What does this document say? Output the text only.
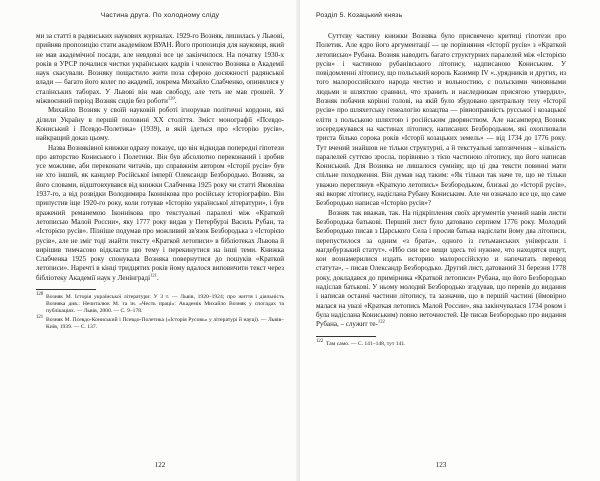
Частина друга. По холодному сліду

ми за статті в радянських наукових журналах. 1929-го Возняк, лишилась у Львові, прийняв пропозицію стати академіком ВУАН. Його пропозиція для науковця, який не мав академічної посади, але невдовзі все це закінчилося. На початку 1930-х років в УРСР почалися чистки українських кадрів і членство Возняка в Академії наук скасували. Возняку пощастило жити поза сферою досяжності радянської влади — багато його колег по академії, зокрема Михайло Слабченко, опинилися у сталінських таборах. У Львові він мав свободу, але теть не мав грошей. У міжвоєнний період Возняк сидів без роботи$^{120}$.

Михайло Возняк у своїй науковій роботі ігнорував політичні кордони, які ділили Україну в першій половині XX століття. Зміст монографії «Псевдо-Кониський і Псевдо-Полетика» (1939), в якій ідеться про «Історію русів», найкращий доказ цьому.

Назва Возняківної книжки одразу показує, що він відкидав попередні гіпотези про авторство Кониського і Полетики. Він був абсолютно переконаний і зробив усе можливе, аби переконати читачів, що справжнім автором «Історії русів» був не хто інший, як канцлер Російської імперії Олександр Безбородько. Возняк, за його словами, відштовхувався від книжки Слабченка 1925 року чи статті Яковліва 1937-го, а від розвідки Володимира Іконнікова про російську історіографію. Він припустив іще 1920-го року, коли готував «Історію української літератури», і був вражений реманемою Іконнікова про текстуальні паралелі між «Краткой летописью Малой России», яку 1777 року видав у Петербурзі Василь Рубан, та «Історією русів». Пізніше подумав про можливий зв'язок Безбородька з «Історією русів», але не зміг тоді знайти тексту «Краткой летописи» в бібліотеках Львова й вирішив тимчасово відкласти цю тему і перекинутися на інші теми. Книжка Слабченка 1925 року спонукала Возняка повернутися до пошуків «Краткой летописи». Наречті в кінці тридцятих років йому вдалося виповичити текст через бібліотеку Академії наук у Ленінграді$^{121}$.

120 Возняк М. Історія української літератури: У 3 т. — Львів, 1920–1924; про життя і діяльність Возняка див.: Нечиталюк М. та ін. «Честь праці»: Академік Михайло Возняк у спогадах та публікаціях. — Львів, 2000. — С. 9–178.

121 Возняк М. Псевдо-Кониський і Псевдо-Полетика («Історія Русовь» у літературі й науці). — Львів–Київ, 1939. — С. 137.

122
Розділ 5. Козацький князь

Суттєву частину книжки Возняка було присвячено критиці гіпотези про Полетик. Але ядро його аргументації — це порівняння «Історії русів» з «Краткой летописью» Рубана. Возняк наводить багато структурних паралелей між «Історією русів» і частиною рубанівського літопису, надписаною Кониським. У повідомленні літопису, що польський король Казимир IV «..урядників и других, из того малороссийского народа честно и вольностию, с польскими чиновными людьми и шляхтою сравнил, что хранить и наследникам присягою утвердил», Возняк побачив корінні голові, на якій було збудовано центральну тезу «Історії русів» про шляхетську генеалогію козацтва — рівноправність русської і козацької еліти з польською шляхтою і російським дворянством. Але насамперед Возняк зосереджувався на частинах літопису, написаних Безбородьком, які охоплювали триста білько сорока років «Історії козацьких земель» — від 1734 до 1776 року. Тут вчений знайшов не тільки структурні, а й текстуальні запозичення – кількість паралелей суттєво зросла, порівняно з тією частиною літопису, що його написав Кониський. Для Возняка не лишалося сумніву, що ці два тексти повинні мати спільне походження. Він думав над таким: «Як тільки так наче те, що не тільки уважно переглянув «Краткую летопись» Безбородьком, близькі до «Історії русів», які вкоряє літопису, надіслана Рубану Кониським. Але чи означало все це, що саме Безбородько написав «Історію русів»?

Возняк так вважав, так. На підкріплення своїх аргументів учений навів листи Безбородька батькові. Перший лист було датовано серпнем 1776 року. Молодий Безбородько писав з Царського Села і просив батька надіслати йому два літописи, перепустилося за одним «з брата», одного із гетьманських універсали і магдебурзький статут». «Ибо сии все вещи здесь теі нужнее, что находятся ищут, кои вознамерилися издать историю малороссійскую и напечатать перевод статута», – писав Олександр Безбородько. Другий лист, датований 31 березня 1778 року, докладався до примірника «Краткой летописи» Рубана, що його Безбородько надіслав батькові. У ньому молодий Безбородько згадував, що перевів до видання і написав останні частини літопису, та зазначив, що в першій частині (ймовірно малася на увазі «Краткая летопись Малой России», яка закінчувалася 1734 роком і була надіслана Кониським) повно неточностей. Це писав Безбородько про видання Рубана, – служит те-$^{122}$

122 Там само. — С. 141–148, тут 141.

123
